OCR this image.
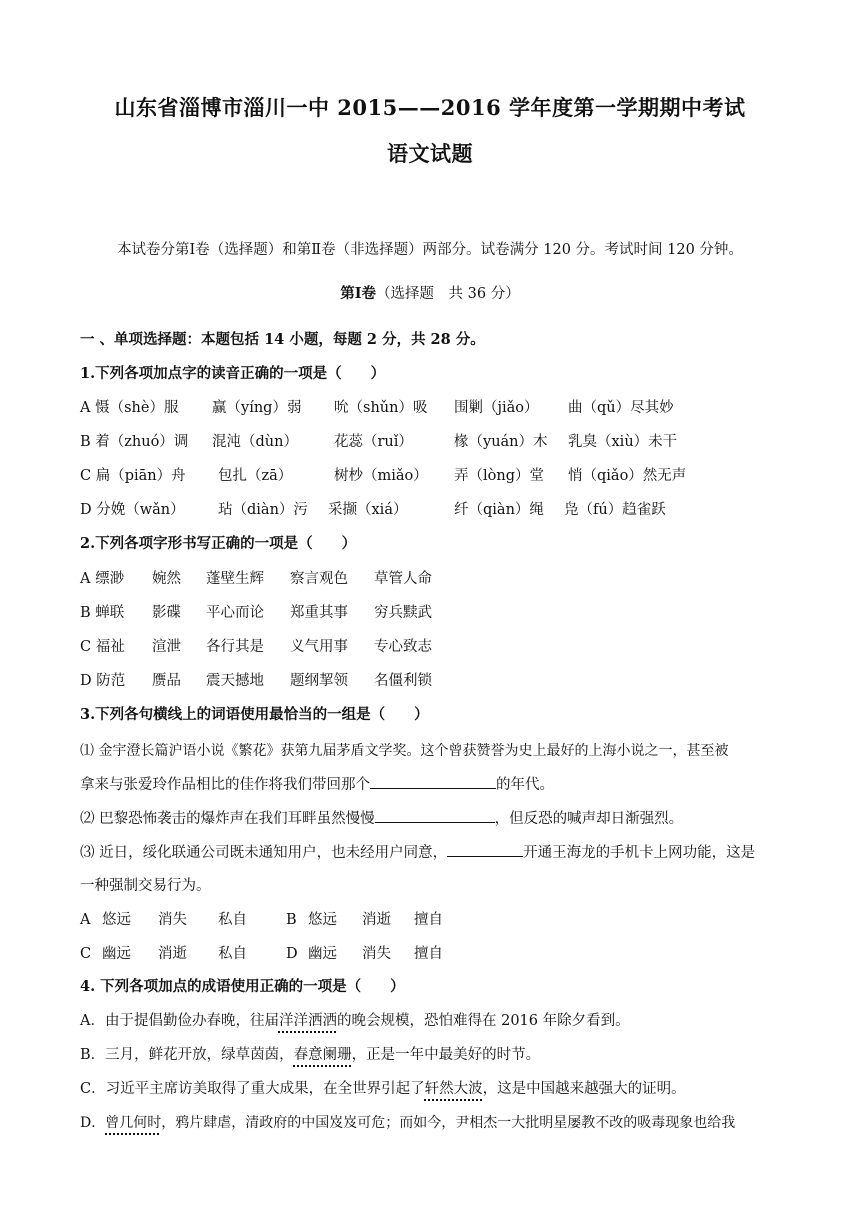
山东省淄博市淄川一中 2015——2016 学年度第一学期期中考试
语文试题
本试卷分第Ⅰ卷（选择题）和第Ⅱ卷（非选择题）两部分。试卷满分 120 分。考试时间 120 分钟。
第Ⅰ卷（选择题　共 36 分）
一 、单项选择题：本题包括 14 小题，每题 2 分，共 28 分。
1.下列各项加点字的读音正确的一项是（　　）
A 慑（shè）服 赢（yíng）弱 吮（shǔn）吸 围剿（jiǎo） 曲（qǔ）尽其妙
B 着（zhuó）调 混沌（dùn） 花蕊（ruǐ）	椽（yuán）木 乳臭（xiù）未干
C 扁（piān）舟 包扎（zā）	树杪（miǎo） 弄（lòng）堂 悄（qiǎo）然无声
D 分娩（wǎn） 玷（diàn）污 采撷（xiá）	纤（qiàn）绳 凫（fú）趋雀跃
2.下列各项字形书写正确的一项是（　　）
A 缥渺 婉然 蓬壁生辉 察言观色 草管人命
B 蝉联 影碟 平心而论 郑重其事 穷兵黩武
C 福祉 渲泄 各行其是 义气用事 专心致志
D 防范 赝品 震天撼地 题纲挈领 名僵利锁
3.下列各句横线上的词语使用最恰当的一组是（　　）
⑴ 金宇澄长篇沪语小说《繁花》获第九届茅盾文学奖。这个曾获赞誉为史上最好的上海小说之一，甚至被
拿来与张爱玲作品相比的佳作将我们带回那个	的年代。
⑵ 巴黎恐怖袭击的爆炸声在我们耳畔虽然慢慢	，但反恐的喊声却日渐强烈。
⑶ 近日，绥化联通公司既未通知用户，也未经用户同意，	开通王海龙的手机卡上网功能，这是
一种强制交易行为。
A 悠远 消失 私自	B 悠远 消逝 擅自
C 幽远 消逝 私自	D 幽远 消失 擅自
4. 下列各项加点的成语使用正确的一项是（　　）
A．由于提倡勤俭办春晚，往届洋洋洒洒的晚会规模，恐怕难得在 2016 年除夕看到。
B．三月，鲜花开放，绿草茵茵，春意阑珊，正是一年中最美好的时节。
C．习近平主席访美取得了重大成果，在全世界引起了轩然大波，这是中国越来越强大的证明。
D．曾几何时，鸦片肆虐，清政府的中国岌岌可危；而如今，尹相杰一大批明星屡教不改的吸毒现象也给我
